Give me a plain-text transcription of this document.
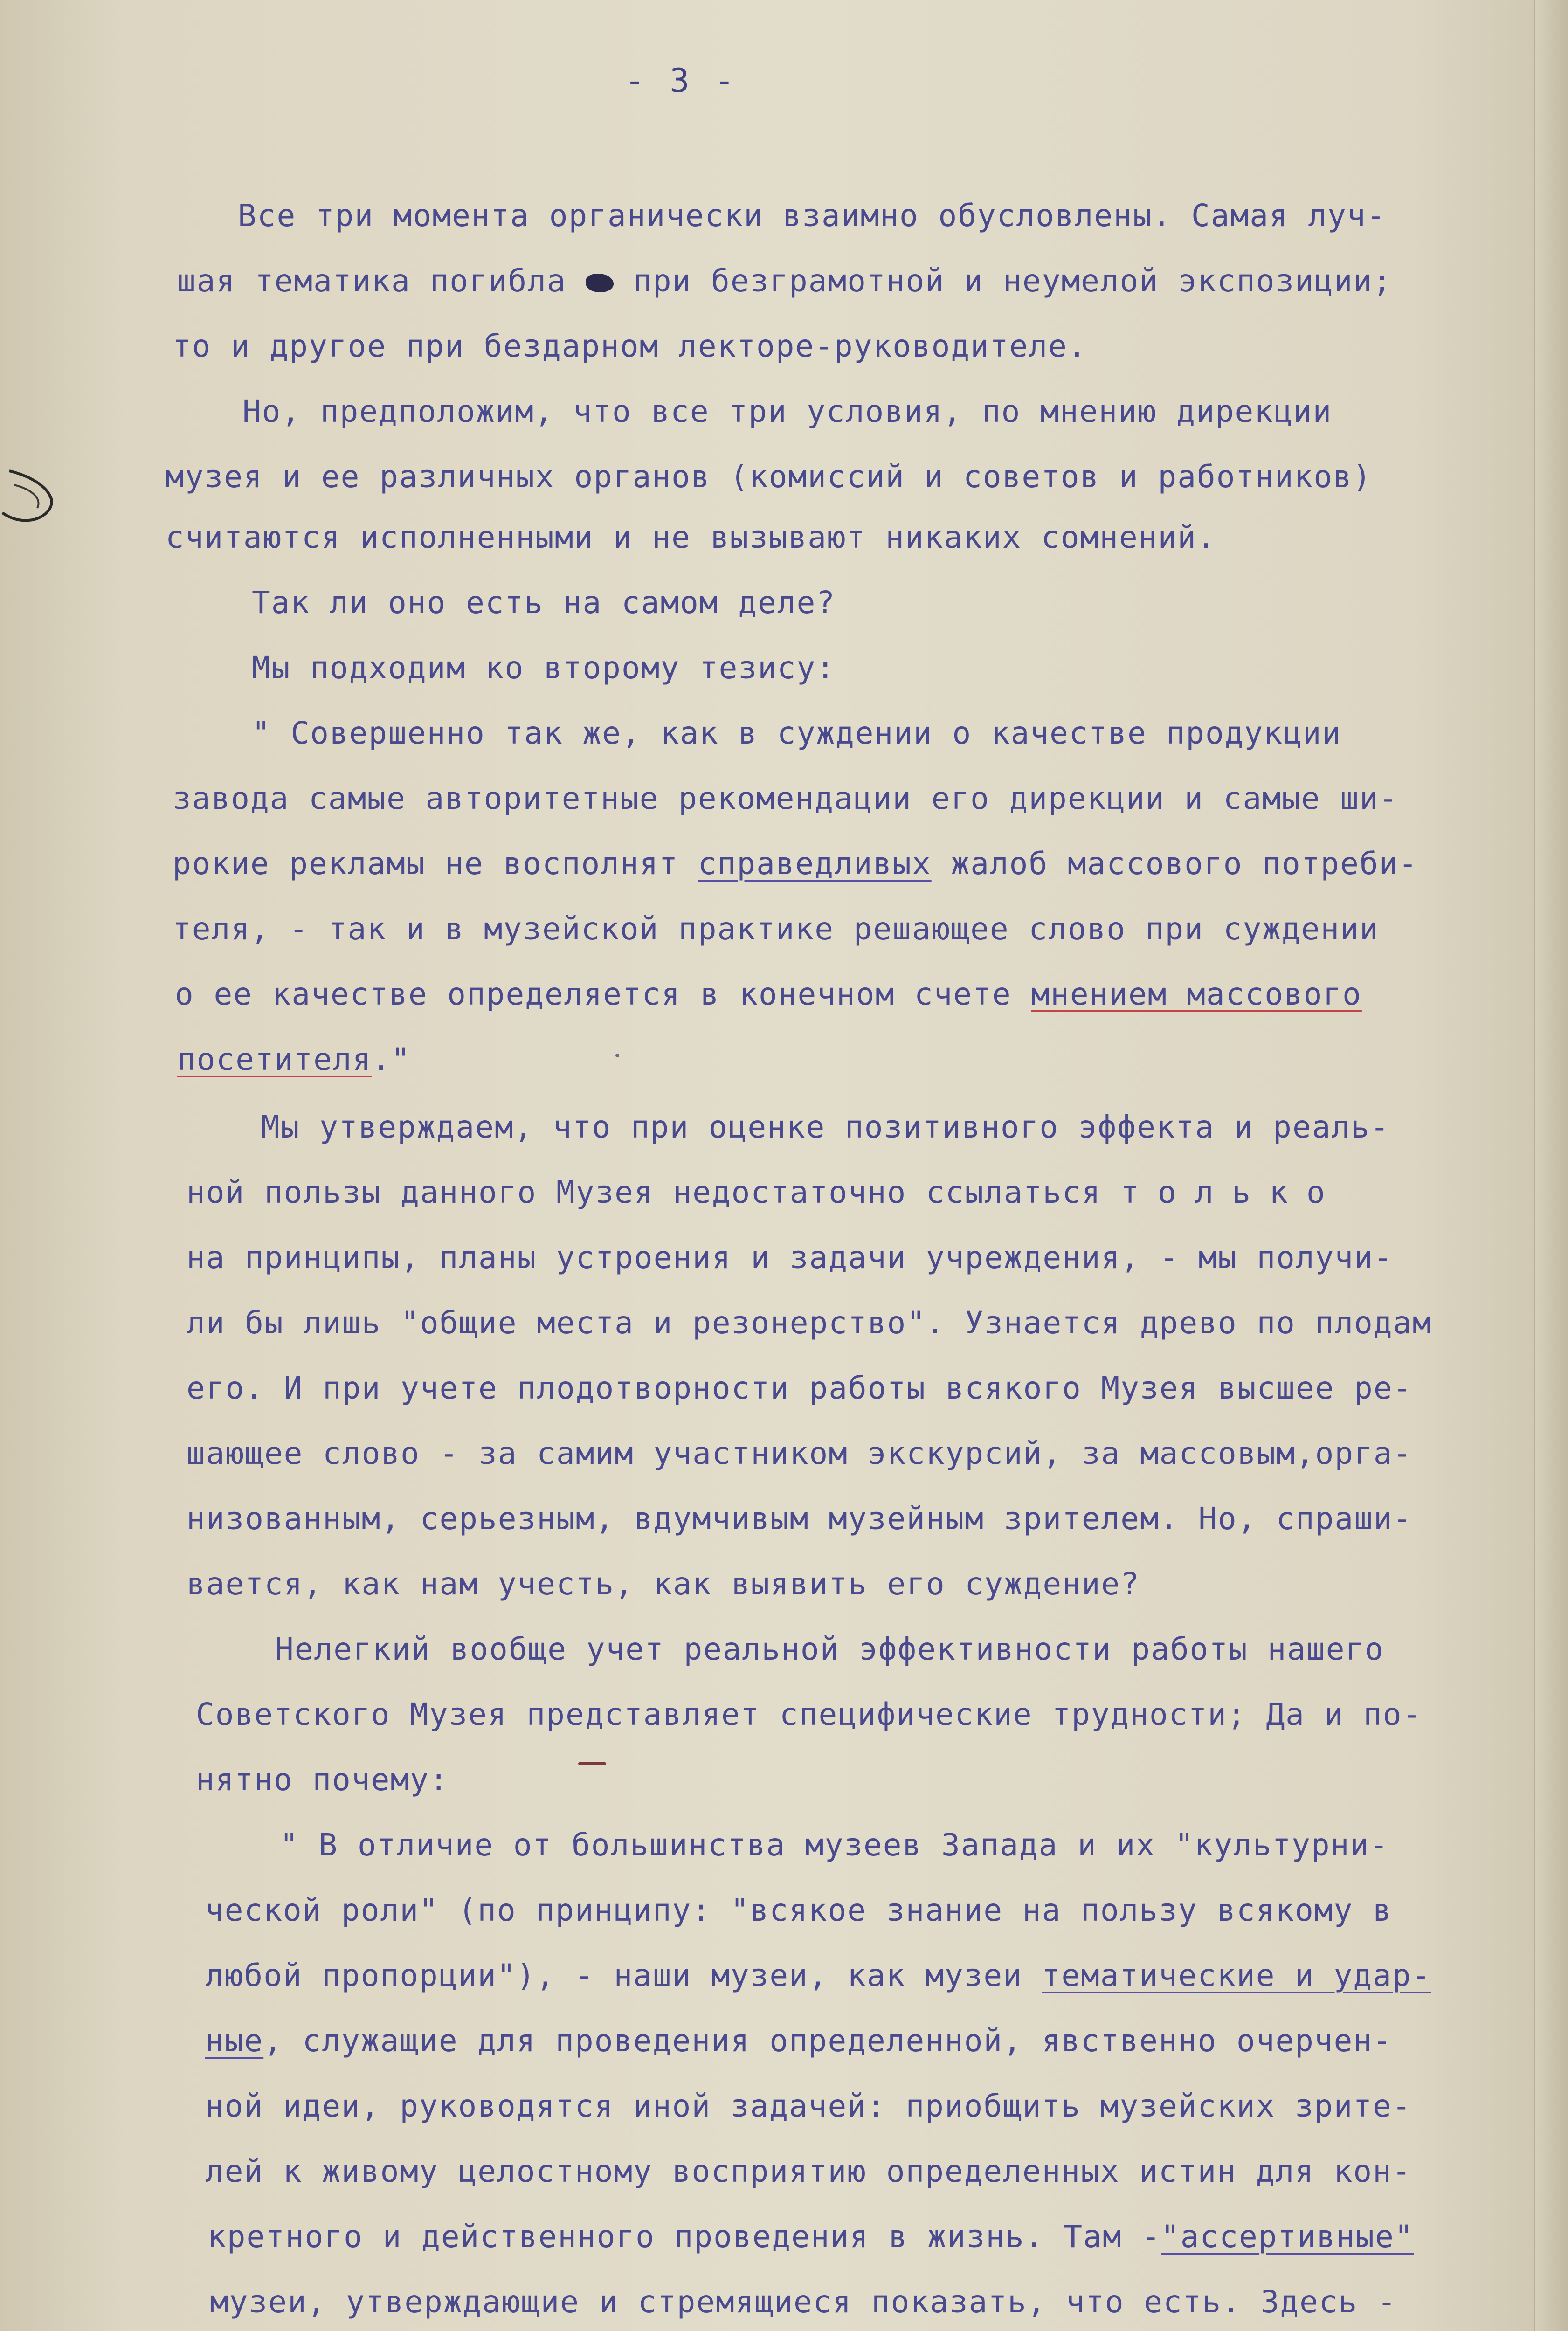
- 3 -
Все три момента органически взаимно обусловлены. Самая луч-
шая тематика погибла при безграмотной и неумелой экспозиции;
то и другое при бездарном лекторе-руководителе.
Но, предположим, что все три условия, по мнению дирекции
музея и ее различных органов (комиссий и советов и работников)
считаются исполненными и не вызывают никаких сомнений.
Так ли оно есть на самом деле?
Мы подходим ко второму тезису:
" Совершенно так же, как в суждении о качестве продукции
завода самые авторитетные рекомендации его дирекции и самые ши-
рокие рекламы не восполнят справедливых жалоб массового потреби-
теля, - так и в музейской практике решающее слово при суждении
о ее качестве определяется в конечном счете мнением массового
посетителя."
Мы утверждаем, что при оценке позитивного эффекта и реаль-
ной пользы данного Музея недостаточно ссылаться только
на принципы, планы устроения и задачи учреждения, - мы получи-
ли бы лишь "общие места и резонерство". Узнается древо по плодам
его. И при учете плодотворности работы всякого Музея высшее ре-
шающее слово - за самим участником экскурсий, за массовым,орга-
низованным, серьезным, вдумчивым музейным зрителем. Но, спраши-
вается, как нам учесть, как выявить его суждение?
Нелегкий вообще учет реальной эффективности работы нашего
Советского Музея представляет специфические трудности; Да и по-
нятно почему:
" В отличие от большинства музеев Запада и их "культурни-
ческой роли" (по принципу: "всякое знание на пользу всякому в
любой пропорции"), - наши музеи, как музеи тематические и удар-
ные, служащие для проведения определенной, явственно очерчен-
ной идеи, руководятся иной задачей: приобщить музейских зрите-
лей к живому целостному восприятию определенных истин для кон-
кретного и действенного проведения в жизнь. Там -"ассертивные"
музеи, утверждающие и стремящиеся показать, что есть. Здесь -
